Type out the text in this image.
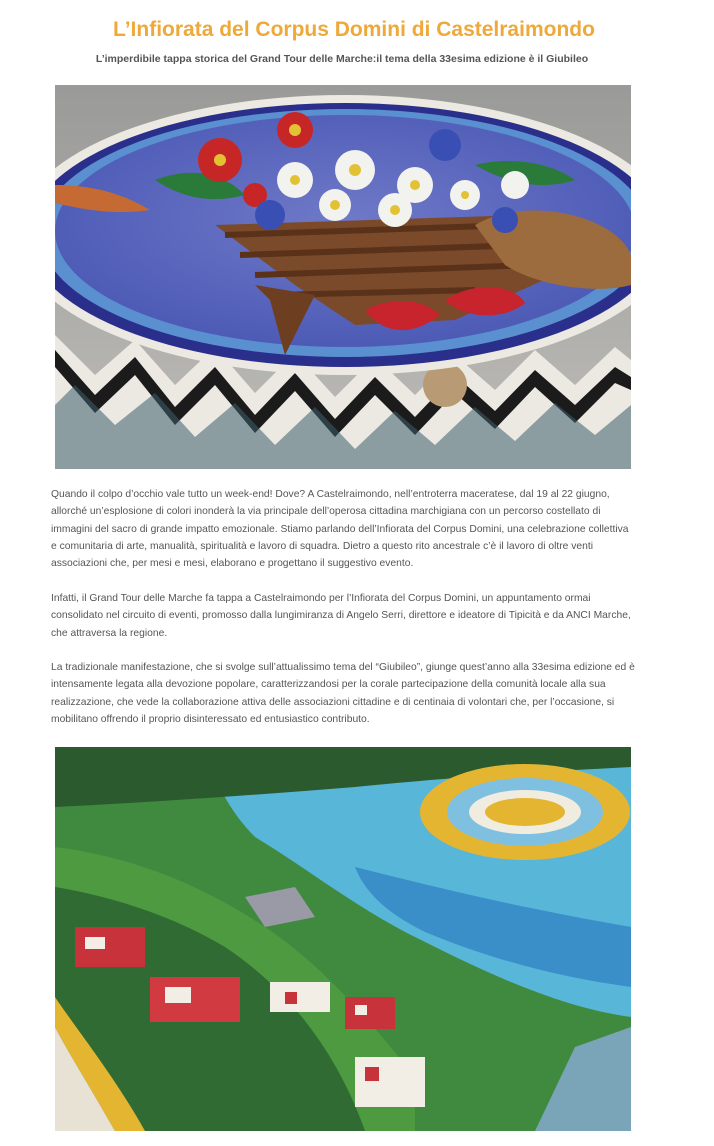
L’Infiorata del Corpus Domini di Castelraimondo

L’imperdibile tappa storica del Grand Tour delle Marche:il tema della 33esima edizione è il Giubileo

Quando il colpo d’occhio vale tutto un week-end! Dove? A Castelraimondo, nell’entroterra maceratese, dal 19 al 22 giugno, allorché un’esplosione di colori inonderà la via principale dell’operosa cittadina marchigiana con un percorso costellato di immagini del sacro di grande impatto emozionale. Stiamo parlando dell’Infiorata del Corpus Domini, una celebrazione collettiva e comunitaria di arte, manualità, spiritualità e lavoro di squadra. Dietro a questo rito ancestrale c’è il lavoro di oltre venti associazioni che, per mesi e mesi, elaborano e progettano il suggestivo evento.

Infatti, il Grand Tour delle Marche fa tappa a Castelraimondo per l’Infiorata del Corpus Domini, un appuntamento ormai consolidato nel circuito di eventi, promosso dalla lungimiranza di Angelo Serri, direttore e ideatore di Tipicità e da ANCI Marche, che attraversa la regione.

La tradizionale manifestazione, che si svolge sull’attualissimo tema del “Giubileo”, giunge quest’anno alla 33esima edizione ed è intensamente legata alla devozione popolare, caratterizzandosi per la corale partecipazione della comunità locale alla sua realizzazione, che vede la collaborazione attiva delle associazioni cittadine e di centinaia di volontari che, per l’occasione, si mobilitano offrendo il proprio disinteressato ed entusiastico contributo.
